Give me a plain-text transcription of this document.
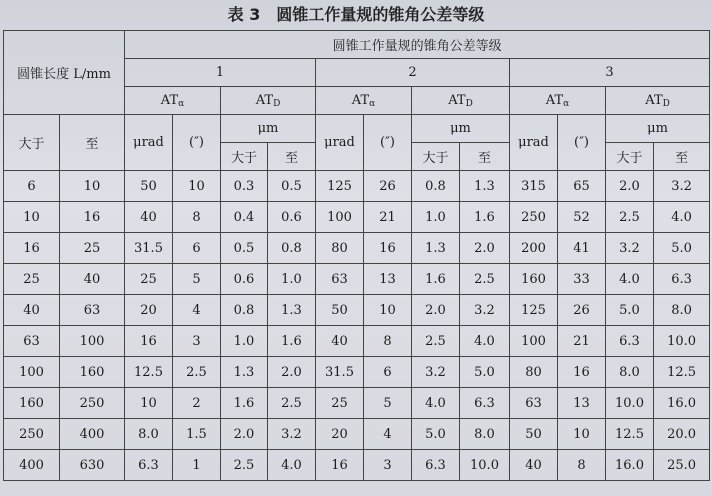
表 3　圆锥工作量规的锥角公差等级
圆锥长度 L/mm		圆锥工作量规的锥角公差等级											
		1				2				3			
		ATα		ATD		ATα		ATD		ATα		ATD	
大于	至	μrad	(″)	μm		μrad	(″)	μm		μrad	(″)	μm	
				大于	至			大于	至			大于	至
6	10	50	10	0.3	0.5	125	26	0.8	1.3	315	65	2.0	3.2
10	16	40	8	0.4	0.6	100	21	1.0	1.6	250	52	2.5	4.0
16	25	31.5	6	0.5	0.8	80	16	1.3	2.0	200	41	3.2	5.0
25	40	25	5	0.6	1.0	63	13	1.6	2.5	160	33	4.0	6.3
40	63	20	4	0.8	1.3	50	10	2.0	3.2	125	26	5.0	8.0
63	100	16	3	1.0	1.6	40	8	2.5	4.0	100	21	6.3	10.0
100	160	12.5	2.5	1.3	2.0	31.5	6	3.2	5.0	80	16	8.0	12.5
160	250	10	2	1.6	2.5	25	5	4.0	6.3	63	13	10.0	16.0
250	400	8.0	1.5	2.0	3.2	20	4	5.0	8.0	50	10	12.5	20.0
400	630	6.3	1	2.5	4.0	16	3	6.3	10.0	40	8	16.0	25.0
